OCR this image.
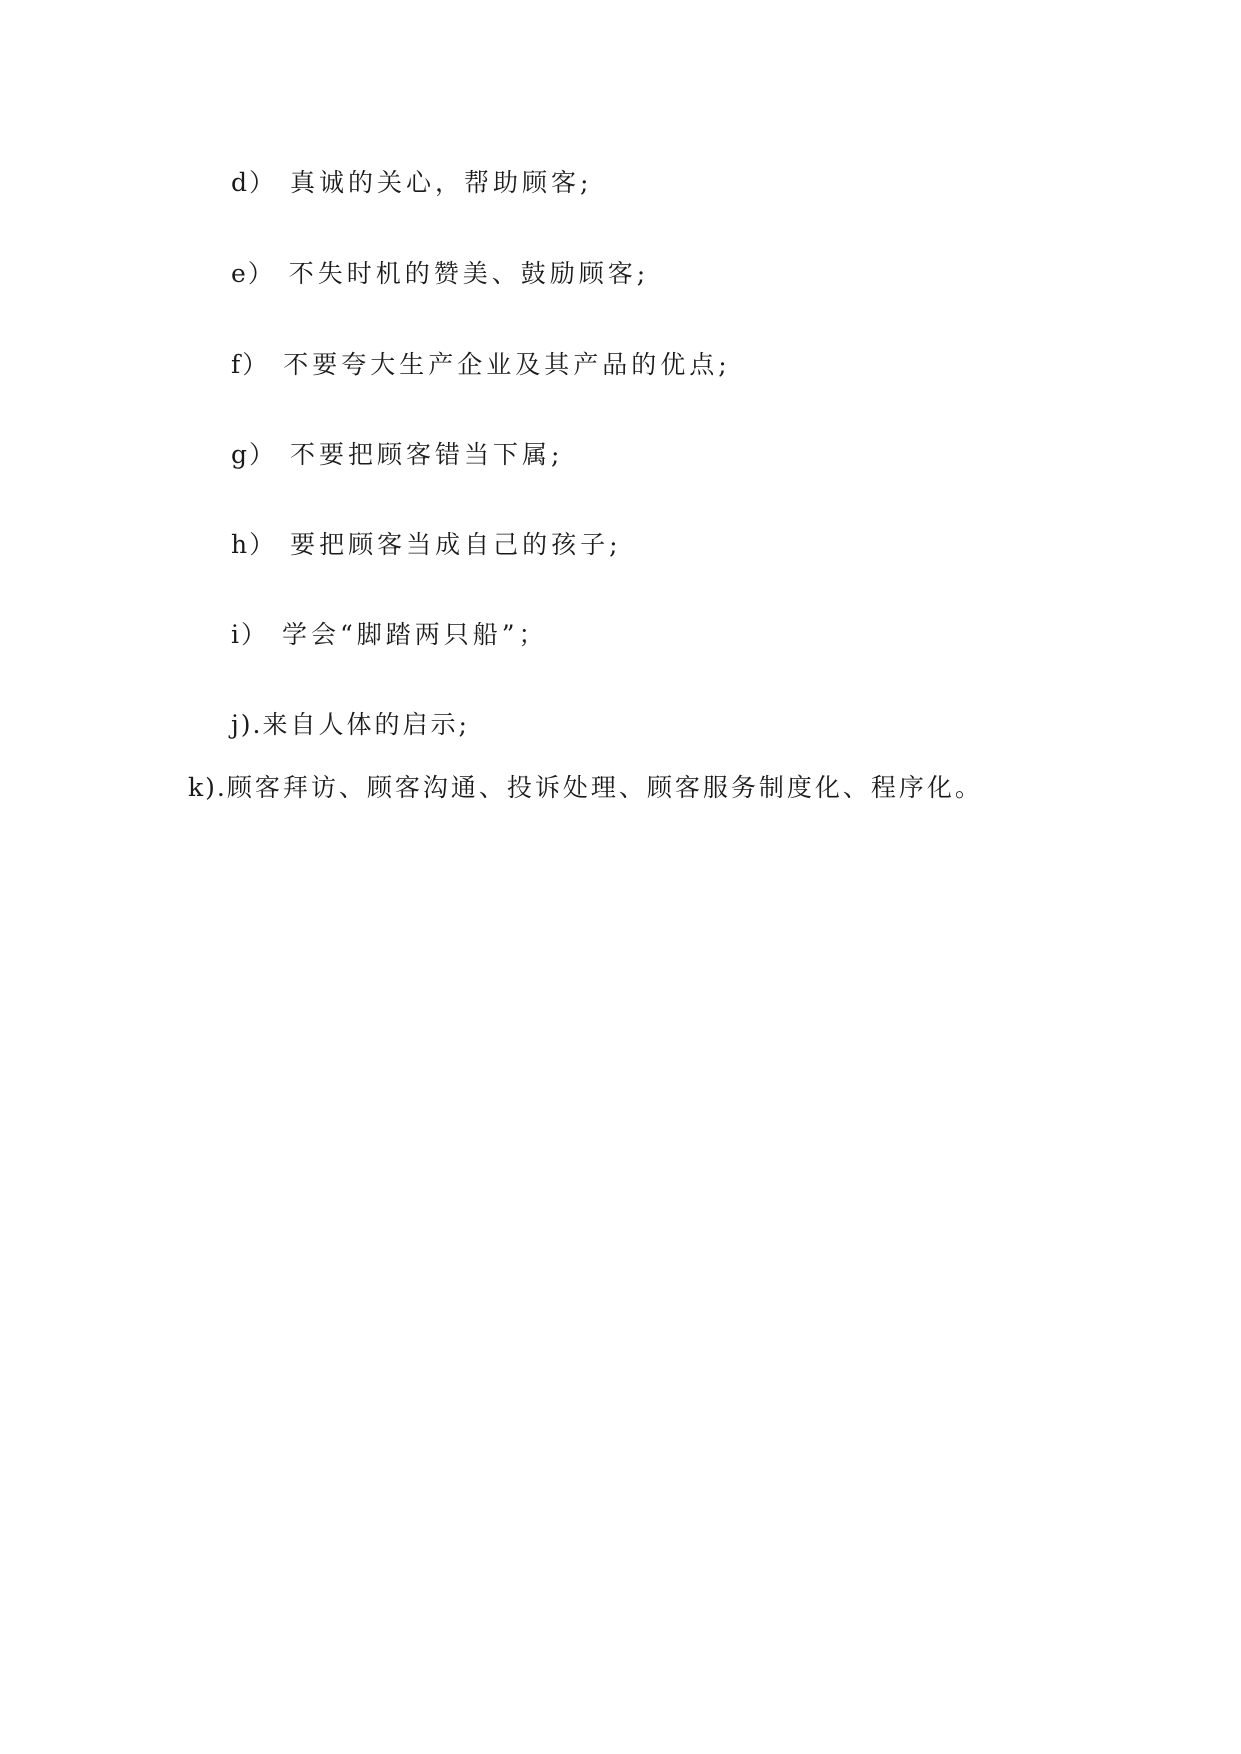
d） 真诚的关心，帮助顾客;
e） 不失时机的赞美、鼓励顾客;
f） 不要夸大生产企业及其产品的优点;
g） 不要把顾客错当下属;
h） 要把顾客当成自己的孩子;
i） 学会“脚踏两只船”；
j).来自人体的启示;
k).顾客拜访、顾客沟通、投诉处理、顾客服务制度化、程序化。
